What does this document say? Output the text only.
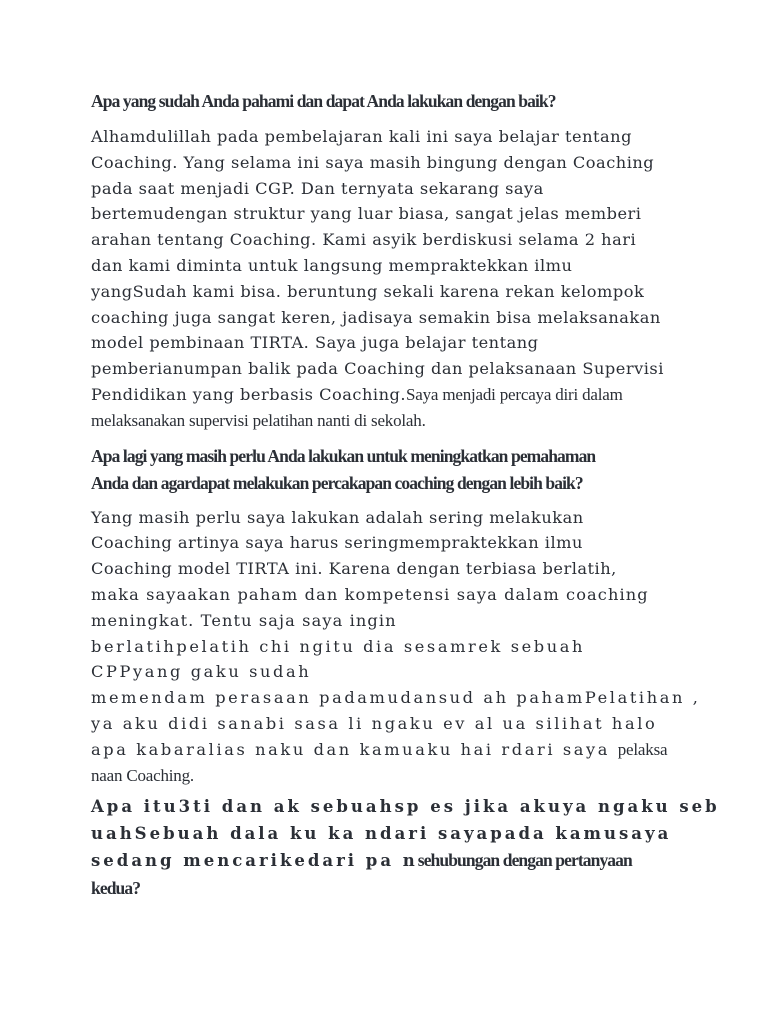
Apa yang sudah Anda pahami dan dapat Anda lakukan dengan baik?

Alhamdulillah pada pembelajaran kali ini saya belajar tentang
Coaching. Yang selama ini saya masih bingung dengan Coaching
pada saat menjadi CGP. Dan ternyata sekarang saya
bertemudengan struktur yang luar biasa, sangat jelas memberi
arahan tentang Coaching. Kami asyik berdiskusi selama 2 hari
dan kami diminta untuk langsung mempraktekkan ilmu
yangSudah kami bisa. beruntung sekali karena rekan kelompok
coaching juga sangat keren, jadisaya semakin bisa melaksanakan
model pembinaan TIRTA. Saya juga belajar tentang
pemberianumpan balik pada Coaching dan pelaksanaan Supervisi
Pendidikan yang berbasis Coaching.Saya menjadi percaya diri dalam
melaksanakan supervisi pelatihan nanti di sekolah.

Apa lagi yang masih perlu Anda lakukan untuk meningkatkan pemahaman
Anda dan agardapat melakukan percakapan coaching dengan lebih baik?

Yang masih perlu saya lakukan adalah sering melakukan
Coaching artinya saya harus seringmempraktekkan ilmu
Coaching model TIRTA ini. Karena dengan terbiasa berlatih,
maka sayaakan paham dan kompetensi saya dalam coaching
meningkat. Tentu saja saya ingin
berlatihpelatih chi ngitu dia sesamrek sebuah
CPPyang gaku sudah
memendam perasaan padamudansud ah pahamPelatihan ,
ya aku didi sanabi sasa li ngaku ev al ua silihat halo
apa kabaralias naku dan kamuaku hai rdari saya pelaksa
naan Coaching.

Apa itu3ti dan ak sebuahsp es jika akuya ngaku seb
uahSebuah dala ku ka ndari sayapada kamusaya
sedang mencarikedari pa nsehubungan dengan pertanyaan
kedua?
